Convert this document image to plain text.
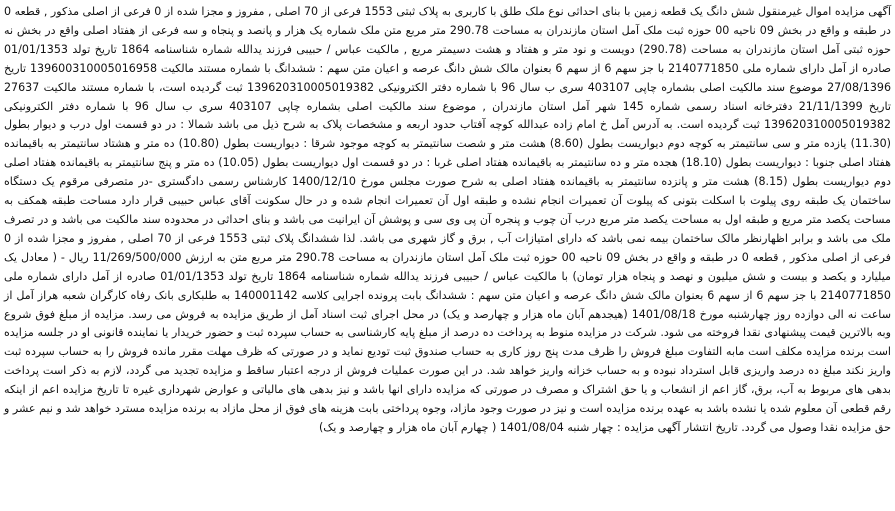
آگهی مزایده اموال غیرمنقول شش دانگ یک قطعه زمین با بنای احداثی نوع ملک طلق با کاربری به پلاک ثبتی 1553 فرعی از 70 اصلی , مفروز و مجزا شده از 0 فرعی از اصلی مذکور , قطعه 0 در طبقه و واقع در بخش 09 ناحیه 00 حوزه ثبت ملک آمل استان مازندران به مساحت 290.78 متر مربع متن ملک شماره یک هزار و پانصد و پنجاه و سه فرعی از هفتاد اصلی واقع در بخش نه حوزه ثبتی آمل استان مازندران به مساحت (290.78) دویست و نود متر و هفتاد و هشت دسیمتر مربع , مالکیت عباس / حبیبی فرزند یدالله شماره شناسنامه 1864 تاریخ تولد 01/01/1353 صادره از آمل دارای شماره ملی 2140771850 با جز سهم 6 از سهم 6 بعنوان مالک شش دانگ عرصه و اعیان متن سهم : ششدانگ با شماره مستند مالکیت 13960031000501695​8 تاریخ 27/08/1396 موضوع سند مالکیت اصلی بشماره چاپی 403107 سری ب سال 96 با شماره دفتر الکترونیکی 13962031000501938​2 ثبت گردیده است، با شماره مستند مالکیت 27637 تاریخ 21/11/1399 دفترخانه اسناد رسمی شماره 145 شهر آمل استان مازندران , موضوع سند مالکیت اصلی بشماره چاپی 403107 سری ب سال 96 با شماره دفتر الکترونیکی 139620310005019382 ثبت گردیده است. به آدرس آمل خ امام زاده عبدالله کوچه آفتاب حدود اربعه و مشخصات پلاک به شرح ذیل می باشد شمالا : در دو قسمت اول درب و دیوار بطول (11.30) یازده متر و سی سانتیمتر به کوچه دوم دیواریست بطول (8.60) هشت متر و شصت سانتیمتر به کوچه موجود شرقا : دیواریست بطول (10.80) ده متر و هشتاد سانتیمتر به باقیمانده هفتاد اصلی جنوبا : دیواریست بطول (18.10) هجده متر و ده سانتیمتر به باقیمانده هفتاد اصلی غربا : در دو قسمت اول دیواریست بطول (10.05) ده متر و پنج سانتیمتر به باقیمانده هفتاد اصلی دوم دیواریست بطول (8.15) هشت متر و پانزده سانتیمتر به باقیمانده هفتاد اصلی به شرح صورت مجلس مورخ 1400/12/10 کارشناس رسمی دادگستری -در متصرفی مرقوم یک دستگاه ساختمان یک طبقه روی پیلوت با اسکلت بتونی که پیلوت آن تعمیرات انجام نشده و طبقه اول آن تعمیرات انجام شده و در حال سکونت آقای عباس حبیبی قرار دارد مساحت طبقه همکف به مساحت یکصد متر مربع و طبقه اول به مساحت یکصد متر مربع درب آن چوب و پنجره آن پی وی سی و پوشش آن ایرانیت می باشد و بنای احداثی در محدوده سند مالکیت می باشد و در تصرف ملک می باشد و برابر اظهارنظر مالک ساختمان بیمه نمی باشد که دارای امتیازات آب , برق و گاز شهری می باشد. لذا ششدانگ پلاک ثبتی 1553 فرعی از 70 اصلی , مفروز و مجزا شده از 0 فرعی از اصلی مذکور , قطعه 0 در طبقه و واقع در بخش 09 ناحیه 00 حوزه ثبت ملک آمل استان مازندران به مساحت 290.78 متر مربع متن به ارزش 11/269/500/000 ریال - ( معادل یک میلیارد و یکصد و بیست و شش میلیون و نهصد و پنجاه هزار تومان) با مالکیت عباس / حبیبی فرزند یدالله شماره شناسنامه 1864 تاریخ تولد 01/01/1353 صادره از آمل دارای شماره ملی 2140771850 با جز سهم 6 از سهم 6 بعنوان مالک شش دانگ عرصه و اعیان متن سهم : ششدانگ بابت پرونده اجرایی کلاسه 140001142 به طلبکاری بانک رفاه کارگران شعبه هراز آمل از ساعت نه الی دوازده روز چهارشنبه مورخ 1401/08/18 (هیجدهم آبان ماه هزار و چهارصد و یک) در محل اجرای ثبت اسناد آمل از طریق مزایده به فروش می رسد. مزایده از مبلغ فوق شروع وبه بالاترین قیمت پیشنهادی نقدا فروخته می شود. شرکت در مزایده منوط به پرداخت ده درصد از مبلغ پایه کارشناسی به حساب سپرده ثبت و حضور خریدار یا نماینده قانونی او در جلسه مزایده است برنده مزایده مکلف است مابه التفاوت مبلغ فروش را ظرف مدت پنج روز کاری به حساب صندوق ثبت تودیع نماید و در صورتی که ظرف مهلت مقرر مانده فروش را به حساب سپرده ثبت واریز نکند مبلغ ده درصد واریزی قابل استرداد نبوده و به حساب خزانه واریز خواهد شد. در این صورت عملیات فروش از درجه اعتبار ساقط و مزایده تجدید می گردد، لازم به ذکر است پرداخت بدهی های مربوط به آب، برق، گاز اعم از انشعاب و یا حق اشتراک و مصرف در صورتی که مزایده دارای انها باشد و نیز بدهی های مالیاتی و عوارض شهرداری غیره تا تاریخ مزایده اعم از اینکه رقم قطعی آن معلوم شده یا نشده باشد به عهده برنده مزایده است و نیز در صورت وجود مازاد، وجوه پرداختی بابت هزینه های فوق از محل مازاد به برنده مزایده مسترد خواهد شد و نیم عشر و حق مزایده نقدا وصول می گردد. تاریخ انتشار آگهی مزایده : چهار شنبه 1401/08/04 ( چهارم آبان ماه هزار و چهارصد و یک)
